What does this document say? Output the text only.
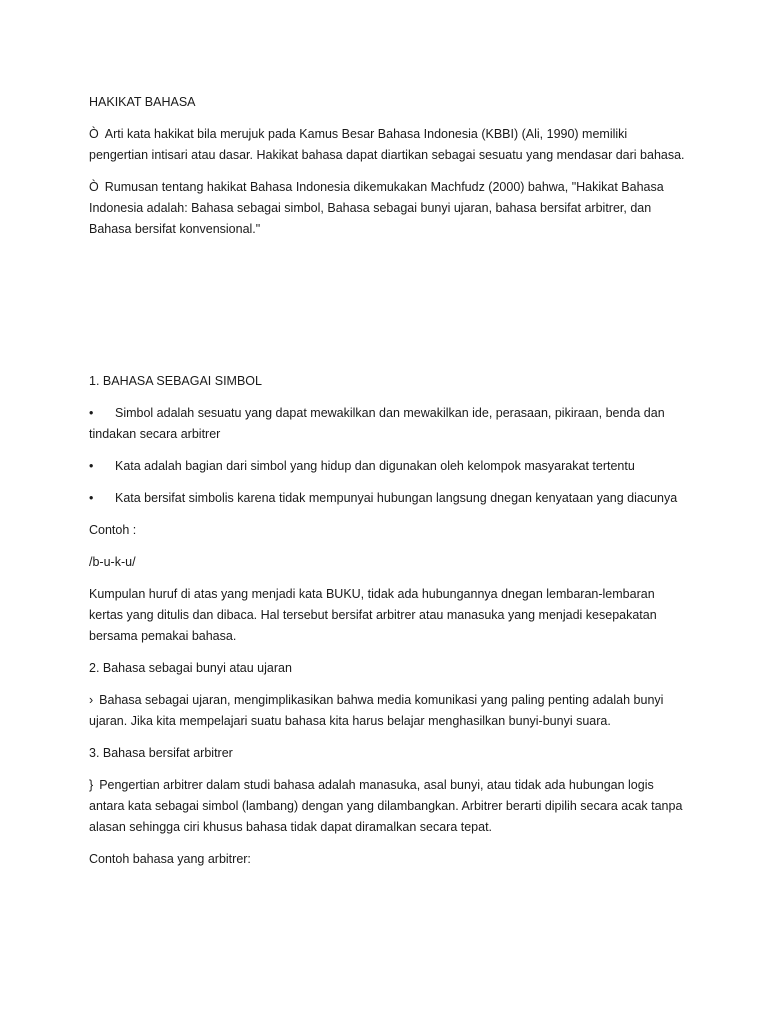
HAKIKAT BAHASA

Ò Arti kata hakikat bila merujuk pada Kamus Besar Bahasa Indonesia (KBBI) (Ali, 1990) memiliki pengertian intisari atau dasar. Hakikat bahasa dapat diartikan sebagai sesuatu yang mendasar dari bahasa.

Ò Rumusan tentang hakikat Bahasa Indonesia dikemukakan Machfudz (2000) bahwa, "Hakikat Bahasa Indonesia adalah: Bahasa sebagai simbol, Bahasa sebagai bunyi ujaran, bahasa bersifat arbitrer, dan Bahasa bersifat konvensional."

1. BAHASA SEBAGAI SIMBOL

• Simbol adalah sesuatu yang dapat mewakilkan dan mewakilkan ide, perasaan, pikiraan, benda dan tindakan secara arbitrer

• Kata adalah bagian dari simbol yang hidup dan digunakan oleh kelompok masyarakat tertentu

• Kata bersifat simbolis karena tidak mempunyai hubungan langsung dnegan kenyataan yang diacunya

Contoh :

/b-u-k-u/

Kumpulan huruf di atas yang menjadi kata BUKU, tidak ada hubungannya dnegan lembaran-lembaran kertas yang ditulis dan dibaca. Hal tersebut bersifat arbitrer atau manasuka yang menjadi kesepakatan bersama pemakai bahasa.

2. Bahasa sebagai bunyi atau ujaran

› Bahasa sebagai ujaran, mengimplikasikan bahwa media komunikasi yang paling penting adalah bunyi ujaran. Jika kita mempelajari suatu bahasa kita harus belajar menghasilkan bunyi-bunyi suara.

3. Bahasa bersifat arbitrer

} Pengertian arbitrer dalam studi bahasa adalah manasuka, asal bunyi, atau tidak ada hubungan logis antara kata sebagai simbol (lambang) dengan yang dilambangkan. Arbitrer berarti dipilih secara acak tanpa alasan sehingga ciri khusus bahasa tidak dapat diramalkan secara tepat.

Contoh bahasa yang arbitrer:
